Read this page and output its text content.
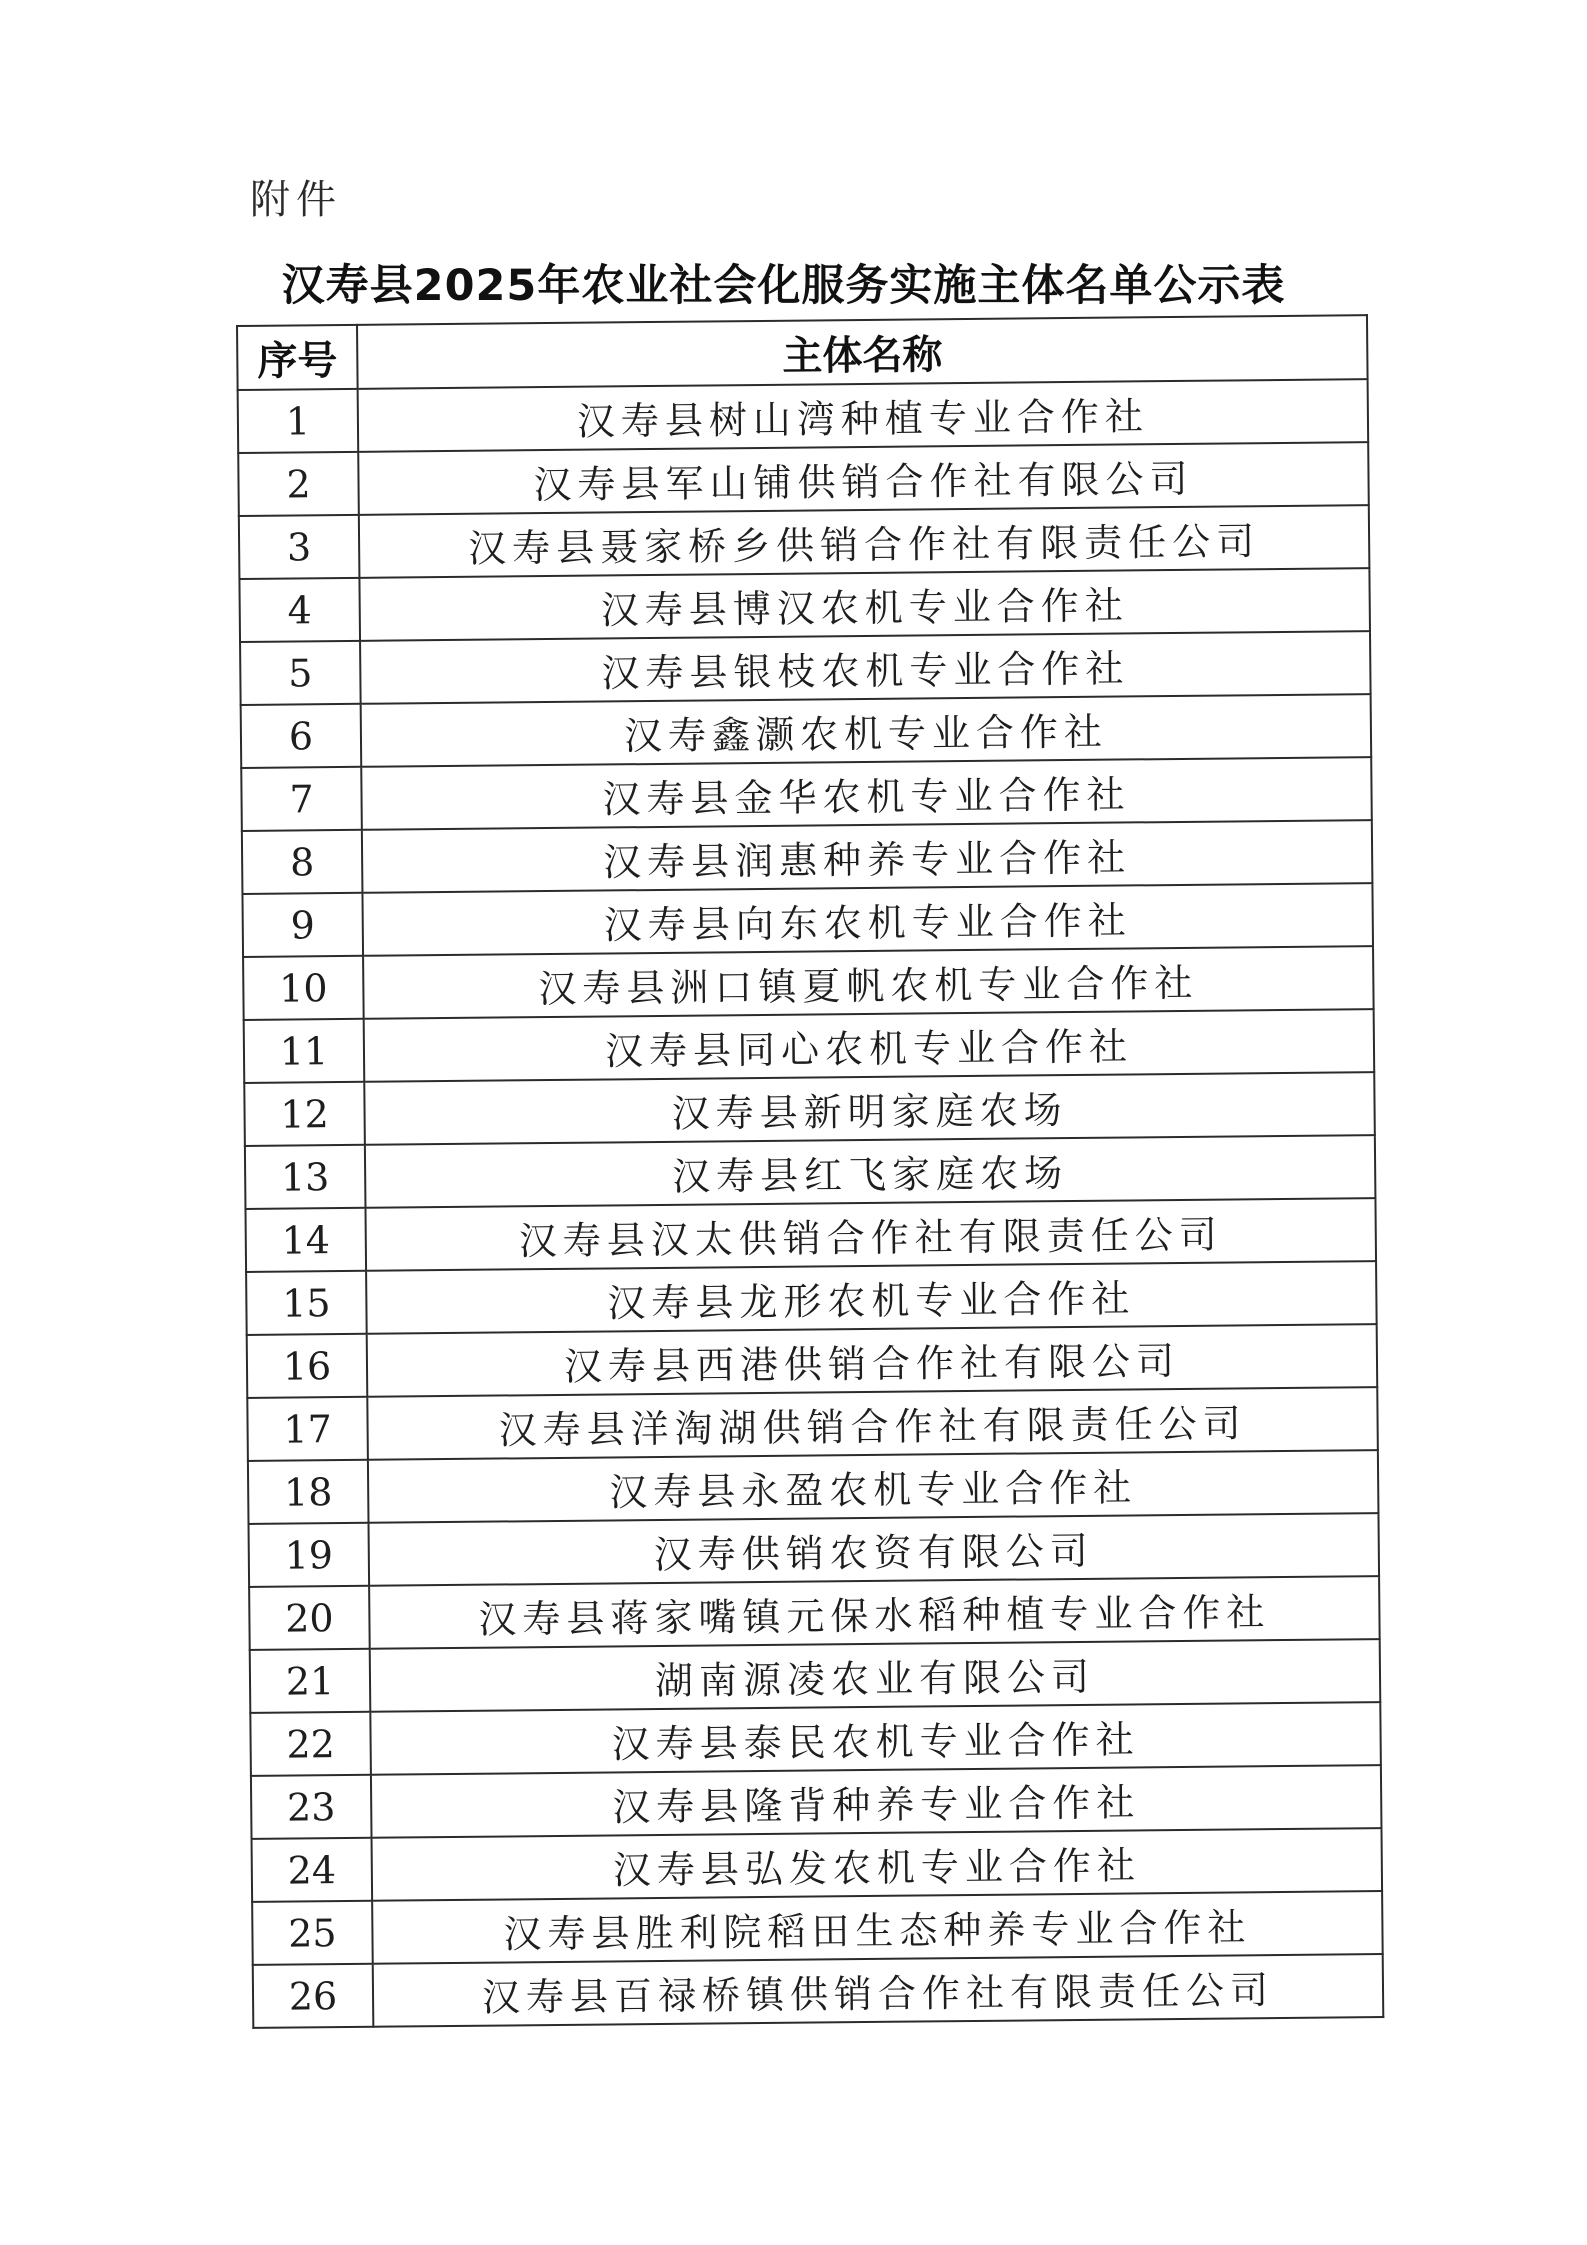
附件
汉寿县2025年农业社会化服务实施主体名单公示表
序号	主体名称
1	汉寿县树山湾种植专业合作社
2	汉寿县军山铺供销合作社有限公司
3	汉寿县聂家桥乡供销合作社有限责任公司
4	汉寿县博汉农机专业合作社
5	汉寿县银枝农机专业合作社
6	汉寿鑫灏农机专业合作社
7	汉寿县金华农机专业合作社
8	汉寿县润惠种养专业合作社
9	汉寿县向东农机专业合作社
10	汉寿县洲口镇夏帆农机专业合作社
11	汉寿县同心农机专业合作社
12	汉寿县新明家庭农场
13	汉寿县红飞家庭农场
14	汉寿县汉太供销合作社有限责任公司
15	汉寿县龙形农机专业合作社
16	汉寿县西港供销合作社有限公司
17	汉寿县洋淘湖供销合作社有限责任公司
18	汉寿县永盈农机专业合作社
19	汉寿供销农资有限公司
20	汉寿县蒋家嘴镇元保水稻种植专业合作社
21	湖南源凌农业有限公司
22	汉寿县泰民农机专业合作社
23	汉寿县隆背种养专业合作社
24	汉寿县弘发农机专业合作社
25	汉寿县胜利院稻田生态种养专业合作社
26	汉寿县百禄桥镇供销合作社有限责任公司
